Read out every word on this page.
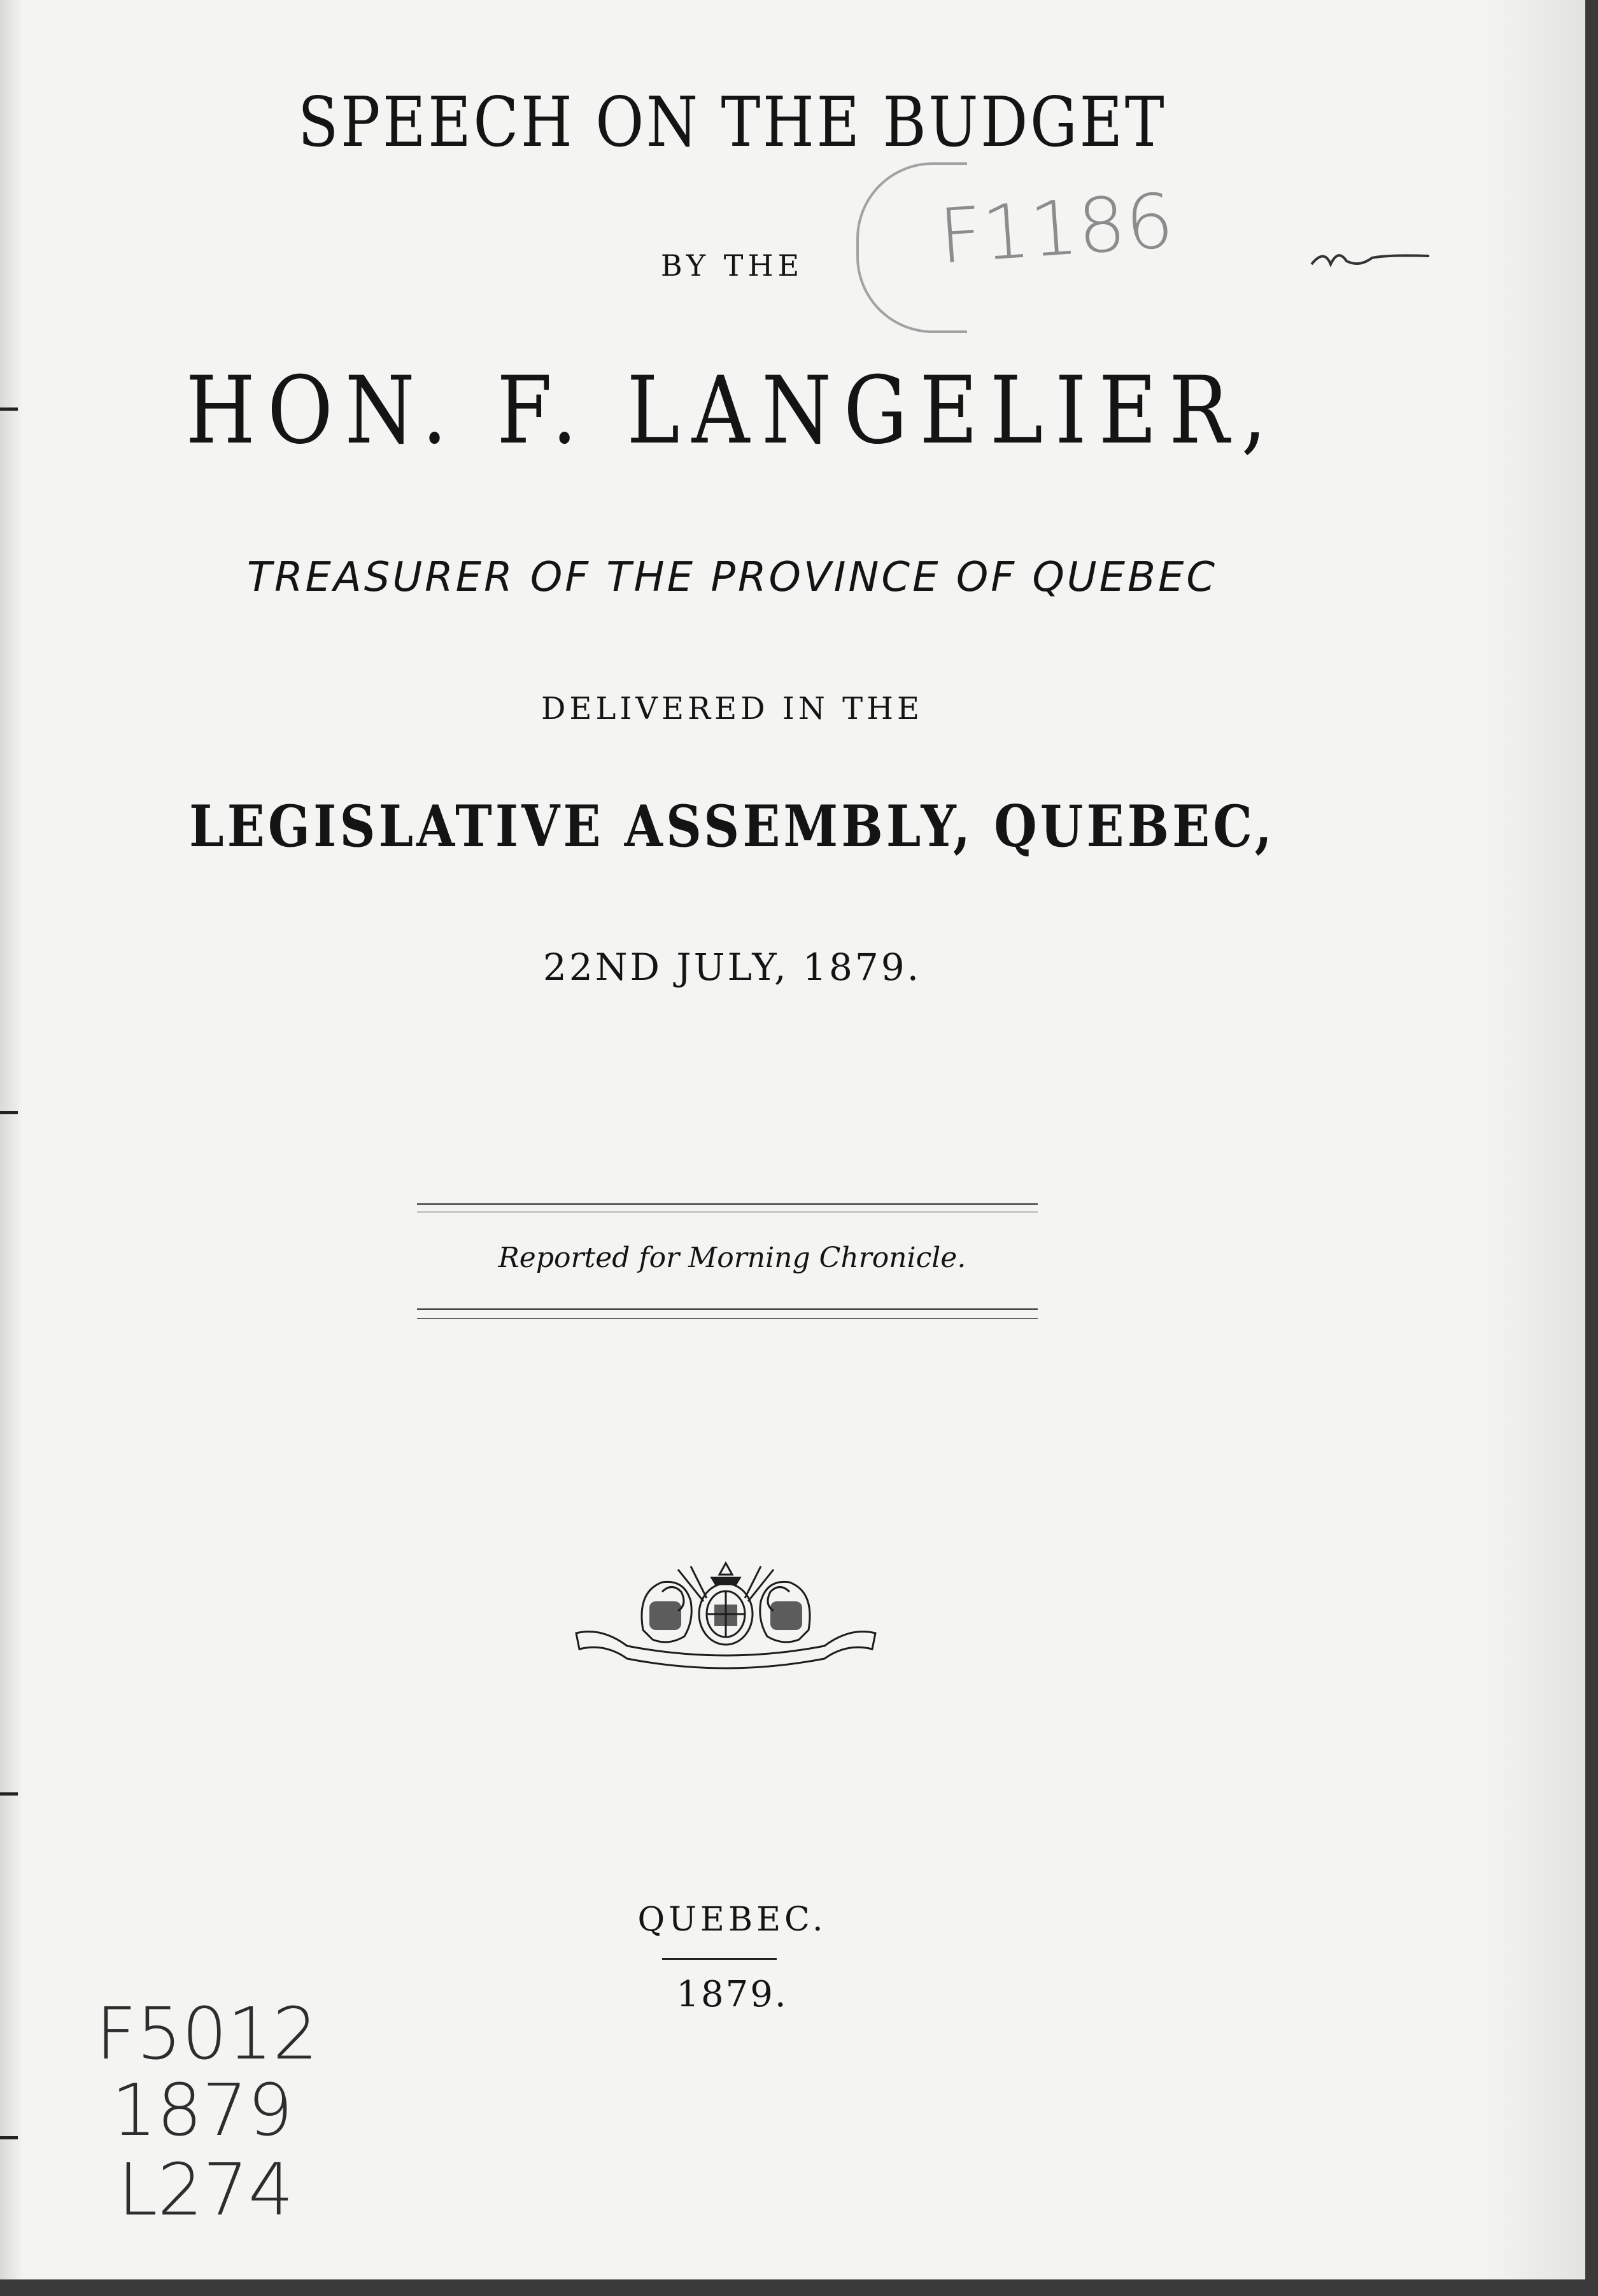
SPEECH ON THE BUDGET
BY THE
HON. F. LANGELIER,
TREASURER OF THE PROVINCE OF QUEBEC
DELIVERED IN THE
LEGISLATIVE ASSEMBLY, QUEBEC,
22ND JULY, 1879.
Reported for Morning Chronicle.
QUEBEC.
1879.
F1186
F5012
1879
L274
